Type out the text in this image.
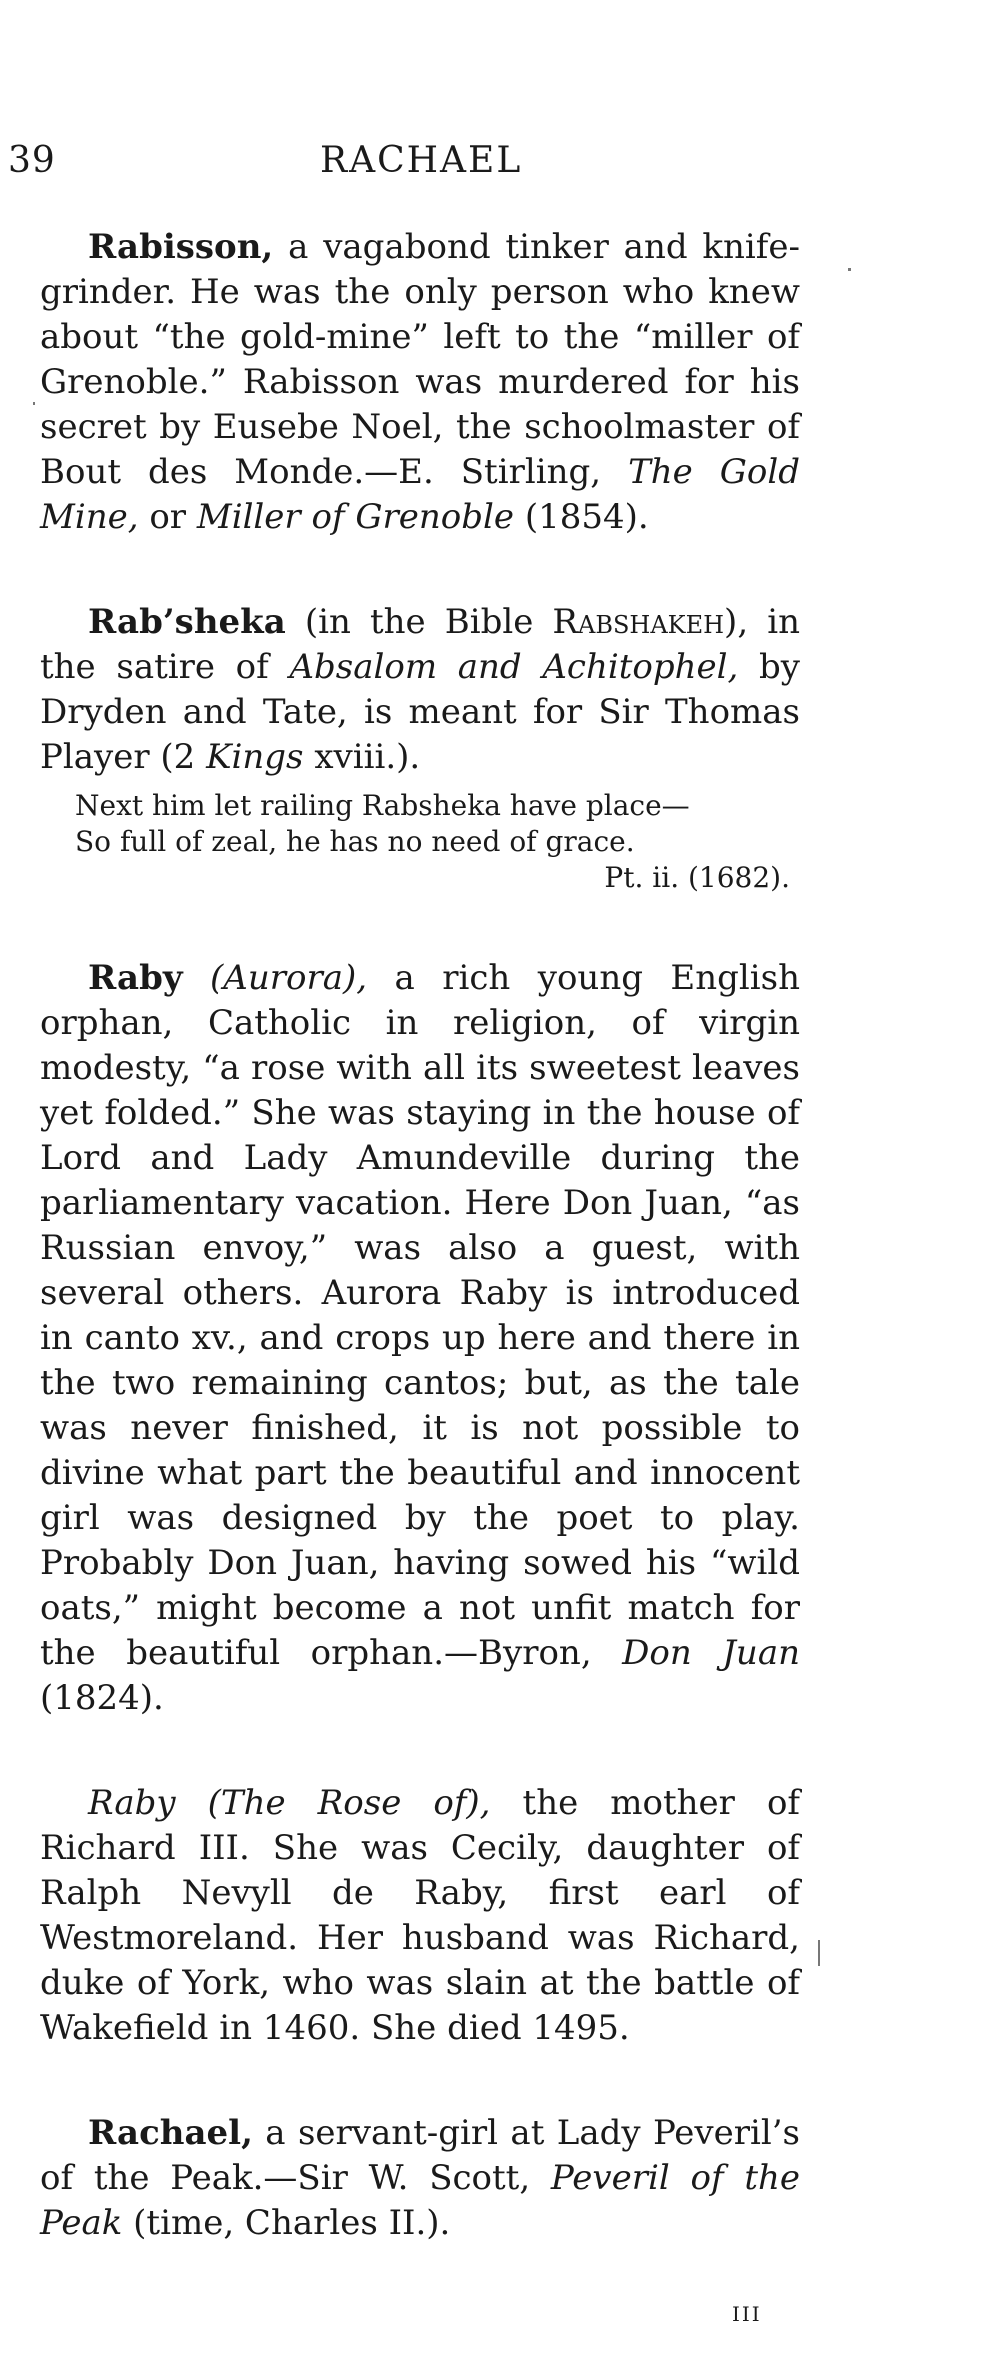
39	RACHAEL

Rabisson, a vagabond tinker and knife-grinder. He was the only person who knew about “the gold-mine” left to the “miller of Grenoble.” Rabisson was murdered for his secret by Eusebe Noel, the schoolmaster of Bout des Monde.—E. Stirling, The Gold Mine, or Miller of Grenoble (1854).

Rab’sheka (in the Bible Rabshakeh), in the satire of Absalom and Achitophel, by Dryden and Tate, is meant for Sir Thomas Player (2 Kings xviii.).

Next him let railing Rabsheka have place—
So full of zeal, he has no need of grace.
Pt. ii. (1682).

Raby (Aurora), a rich young English orphan, Catholic in religion, of virgin modesty, “a rose with all its sweetest leaves yet folded.” She was staying in the house of Lord and Lady Amundeville during the parliamentary vacation. Here Don Juan, “as Russian envoy,” was also a guest, with several others. Aurora Raby is introduced in canto xv., and crops up here and there in the two remaining cantos; but, as the tale was never finished, it is not possible to divine what part the beautiful and innocent girl was designed by the poet to play. Probably Don Juan, having sowed his “wild oats,” might become a not unfit match for the beautiful orphan.—Byron, Don Juan (1824).

Raby (The Rose of), the mother of Richard III. She was Cecily, daughter of Ralph Nevyll de Raby, first earl of Westmoreland. Her husband was Richard, duke of York, who was slain at the battle of Wakefield in 1460. She died 1495.

Rachael, a servant-girl at Lady Peveril’s of the Peak.—Sir W. Scott, Peveril of the Peak (time, Charles II.).

III
